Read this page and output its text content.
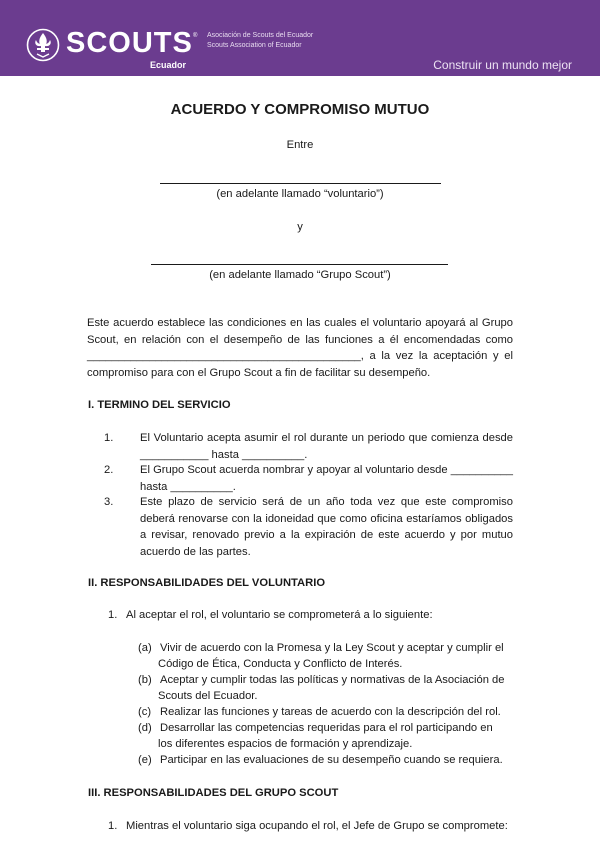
SCOUTS ®
Ecuador
Asociación de Scouts del Ecuador
Scouts Association of Ecuador
Construir un mundo mejor
ACUERDO Y COMPROMISO MUTUO
Entre
(en adelante llamado “voluntario”)
y
(en adelante llamado “Grupo Scout”)
Este acuerdo establece las condiciones en las cuales el voluntario apoyará al Grupo Scout, en relación con el desempeño de las funciones a él encomendadas como ____________________________________________, a la vez la aceptación y el compromiso para con el Grupo Scout a fin de facilitar su desempeño.
I. TERMINO DEL SERVICIO
1.	El Voluntario acepta asumir el rol durante un periodo que comienza desde ___________ hasta __________.
2.	El Grupo Scout acuerda nombrar y apoyar al voluntario desde __________ hasta __________.
3.	Este plazo de servicio será de un año toda vez que este compromiso deberá renovarse con la idoneidad que como oficina estaríamos obligados a revisar, renovado previo a la expiración de este acuerdo y por mutuo acuerdo de las partes.
II. RESPONSABILIDADES DEL VOLUNTARIO
1. Al aceptar el rol, el voluntario se comprometerá a lo siguiente:
(a) Vivir de acuerdo con la Promesa y la Ley Scout y aceptar y cumplir el
Código de Ética, Conducta y Conflicto de Interés.
(b) Aceptar y cumplir todas las políticas y normativas de la Asociación de
Scouts del Ecuador.
(c) Realizar las funciones y tareas de acuerdo con la descripción del rol.
(d) Desarrollar las competencias requeridas para el rol participando en
los diferentes espacios de formación y aprendizaje.
(e) Participar en las evaluaciones de su desempeño cuando se requiera.
III. RESPONSABILIDADES DEL GRUPO SCOUT
1. Mientras el voluntario siga ocupando el rol, el Jefe de Grupo se compromete:
